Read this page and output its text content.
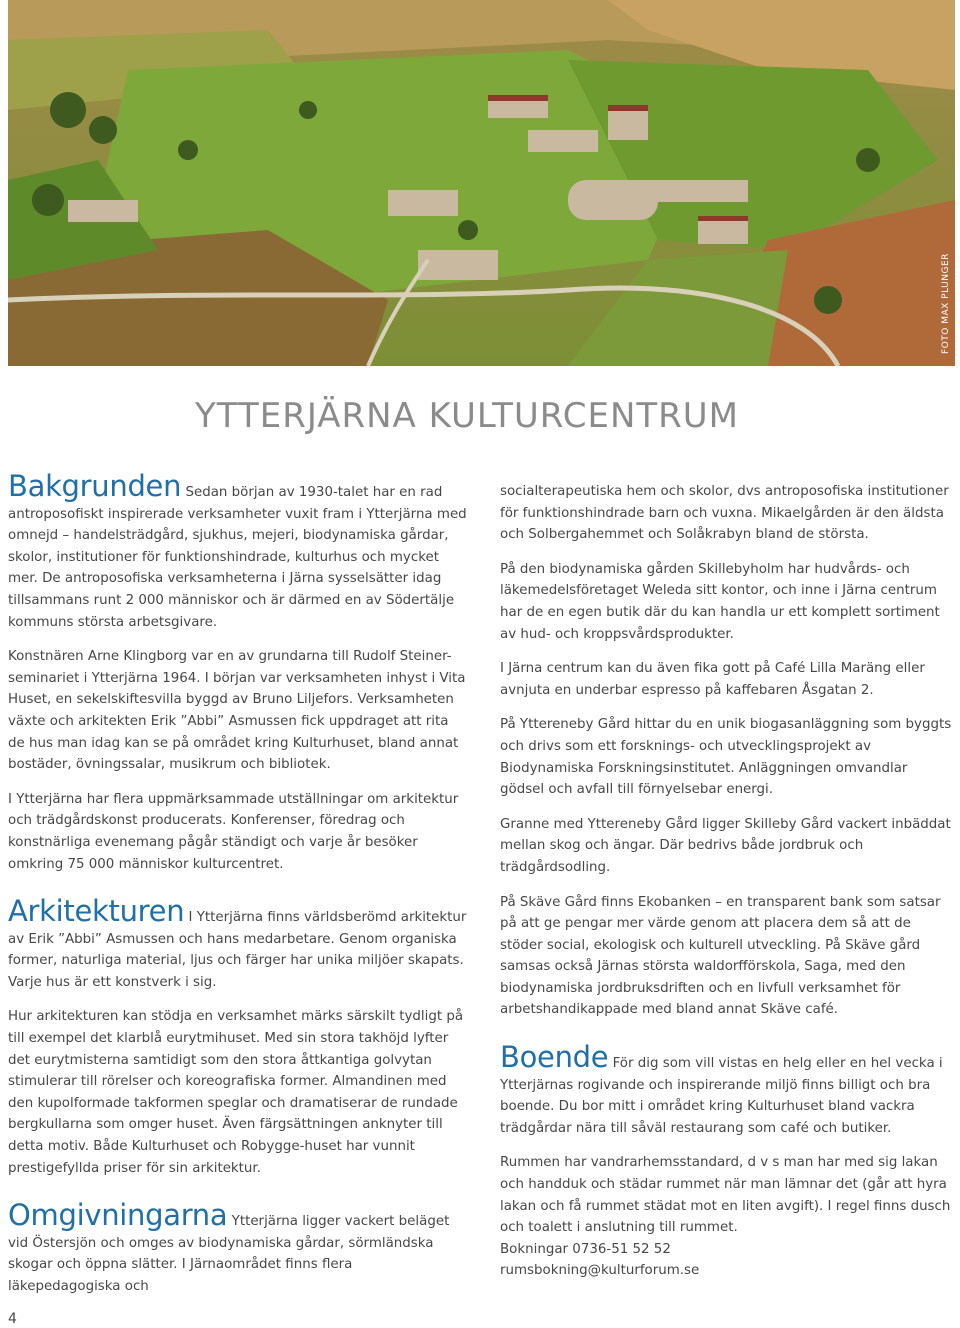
FOTO MAX PLUNGER
YTTERJÄRNA KULTURCENTRUM

Bakgrunden Sedan början av 1930-talet har en rad antroposofiskt inspirerade verksamheter vuxit fram i Ytterjärna med omnejd – handelsträdgård, sjukhus, mejeri, biodynamiska gårdar, skolor, institutioner för funktionshindrade, kulturhus och mycket mer. De antroposofiska verksamheterna i Järna sysselsätter idag tillsammans runt 2 000 människor och är därmed en av Södertälje kommuns största arbetsgivare.

Konstnären Arne Klingborg var en av grundarna till Rudolf Steiner-seminariet i Ytterjärna 1964. I början var verksamheten inhyst i Vita Huset, en sekelskiftesvilla byggd av Bruno Liljefors. Verksamheten växte och arkitekten Erik ”Abbi” Asmussen fick uppdraget att rita de hus man idag kan se på området kring Kulturhuset, bland annat bostäder, övningssalar, musikrum och bibliotek.

I Ytterjärna har flera uppmärksammade utställningar om arkitektur och trädgårdskonst producerats. Konferenser, föredrag och konstnärliga evenemang pågår ständigt och varje år besöker omkring 75 000 människor kulturcentret.

Arkitekturen I Ytterjärna finns världsberömd arkitektur av Erik ”Abbi” Asmussen och hans medarbetare. Genom organiska former, naturliga material, ljus och färger har unika miljöer skapats. Varje hus är ett konstverk i sig.

Hur arkitekturen kan stödja en verksamhet märks särskilt tydligt på till exempel det klarblå eurytmihuset. Med sin stora takhöjd lyfter det eurytmisterna samtidigt som den stora åttkantiga golvytan stimulerar till rörelser och koreografiska former. Almandinen med den kupolformade takformen speglar och dramatiserar de rundade bergkullarna som omger huset. Även färgsättningen anknyter till detta motiv. Både Kulturhuset och Robygge-huset har vunnit prestigefyllda priser för sin arkitektur.

Omgivningarna Ytterjärna ligger vackert beläget vid Östersjön och omges av biodynamiska gårdar, sörmländska skogar och öppna slätter. I Järnaområdet finns flera läkepedagogiska och

socialterapeutiska hem och skolor, dvs antroposofiska institutioner för funktionshindrade barn och vuxna. Mikaelgården är den äldsta och Solbergahemmet och Solåkrabyn bland de största.

På den biodynamiska gården Skillebyholm har hudvårds- och läkemedelsföretaget Weleda sitt kontor, och inne i Järna centrum har de en egen butik där du kan handla ur ett komplett sortiment av hud- och kroppsvårdsprodukter.

I Järna centrum kan du även fika gott på Café Lilla Maräng eller avnjuta en underbar espresso på kaffebaren Åsgatan 2.

På Yttereneby Gård hittar du en unik biogasanläggning som byggts och drivs som ett forsknings- och utvecklingsprojekt av Biodynamiska Forskningsinstitutet. Anläggningen omvandlar gödsel och avfall till förnyelsebar energi.

Granne med Yttereneby Gård ligger Skilleby Gård vackert inbäddat mellan skog och ängar. Där bedrivs både jordbruk och trädgårdsodling.

På Skäve Gård finns Ekobanken – en transparent bank som satsar på att ge pengar mer värde genom att placera dem så att de stöder social, ekologisk och kulturell utveckling. På Skäve gård samsas också Järnas största waldorfförskola, Saga, med den biodynamiska jordbruksdriften och en livfull verksamhet för arbetshandikappade med bland annat Skäve café.

Boende För dig som vill vistas en helg eller en hel vecka i Ytterjärnas rogivande och inspirerande miljö finns billigt och bra boende. Du bor mitt i området kring Kulturhuset bland vackra trädgårdar nära till såväl restaurang som café och butiker.

Rummen har vandrarhemsstandard, d v s man har med sig lakan och handduk och städar rummet när man lämnar det (går att hyra lakan och få rummet städat mot en liten avgift). I regel finns dusch och toalett i anslutning till rummet.
Bokningar 0736-51 52 52
rumsbokning@kulturforum.se

4
